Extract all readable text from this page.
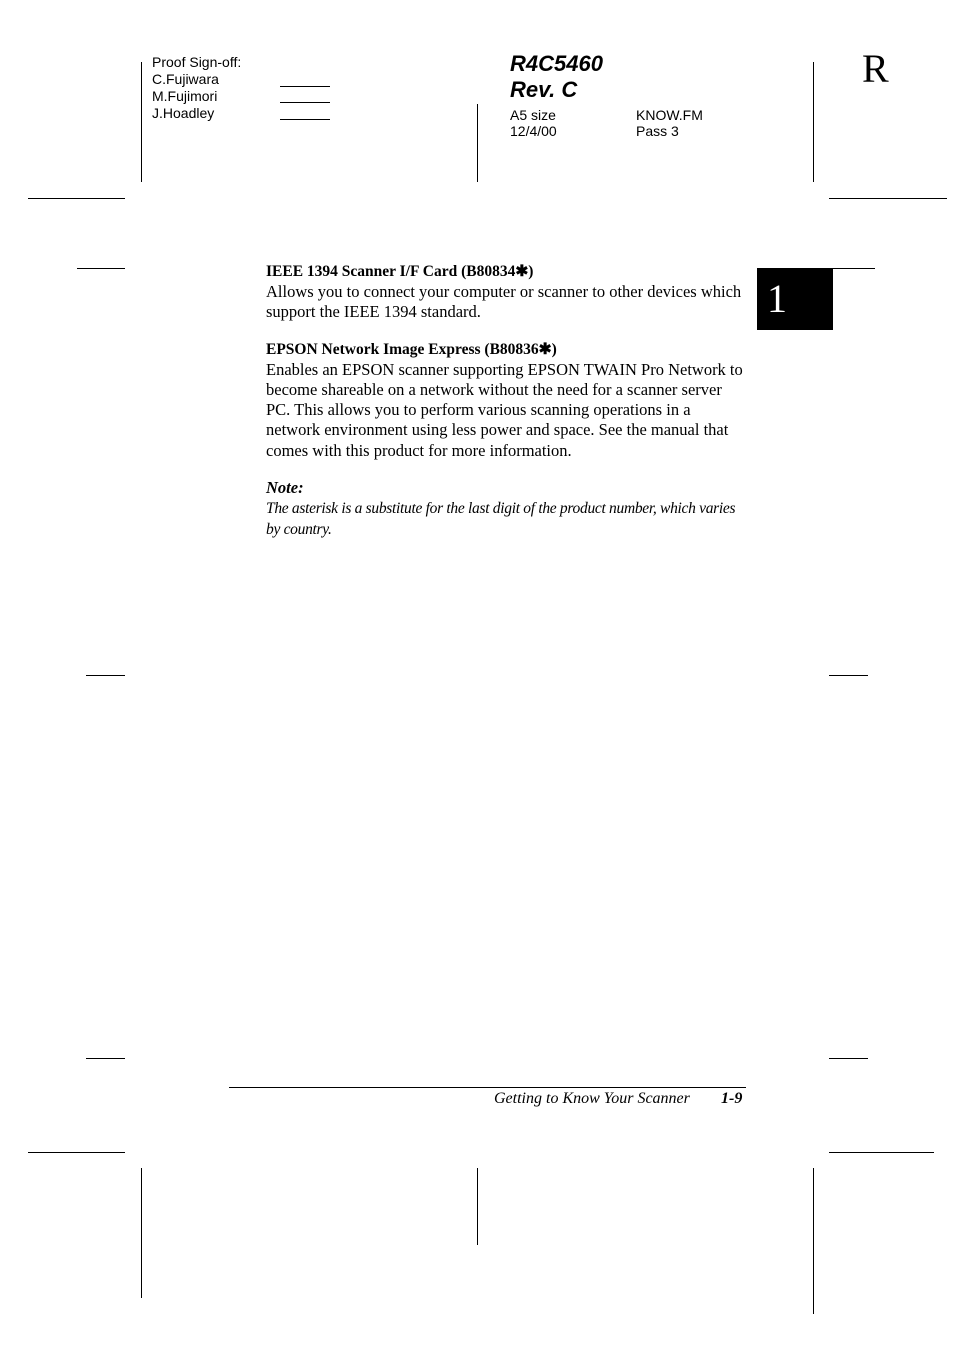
Proof Sign-off:
C.Fujiwara
M.Fujimori
J.Hoadley
R4C5460
Rev. C
A5 size
12/4/00
KNOW.FM
Pass 3
R
1
IEEE 1394 Scanner I/F Card (B80834✱)

Allows you to connect your computer or scanner to other devices which support the IEEE 1394 standard.

EPSON Network Image Express (B80836✱)

Enables an EPSON scanner supporting EPSON TWAIN Pro Network to become shareable on a network without the need for a scanner server PC. This allows you to perform various scanning operations in a network environment using less power and space. See the manual that comes with this product for more information.

Note:
The asterisk is a substitute for the last digit of the product number, which varies by country.
Getting to Know Your Scanner 1-9
